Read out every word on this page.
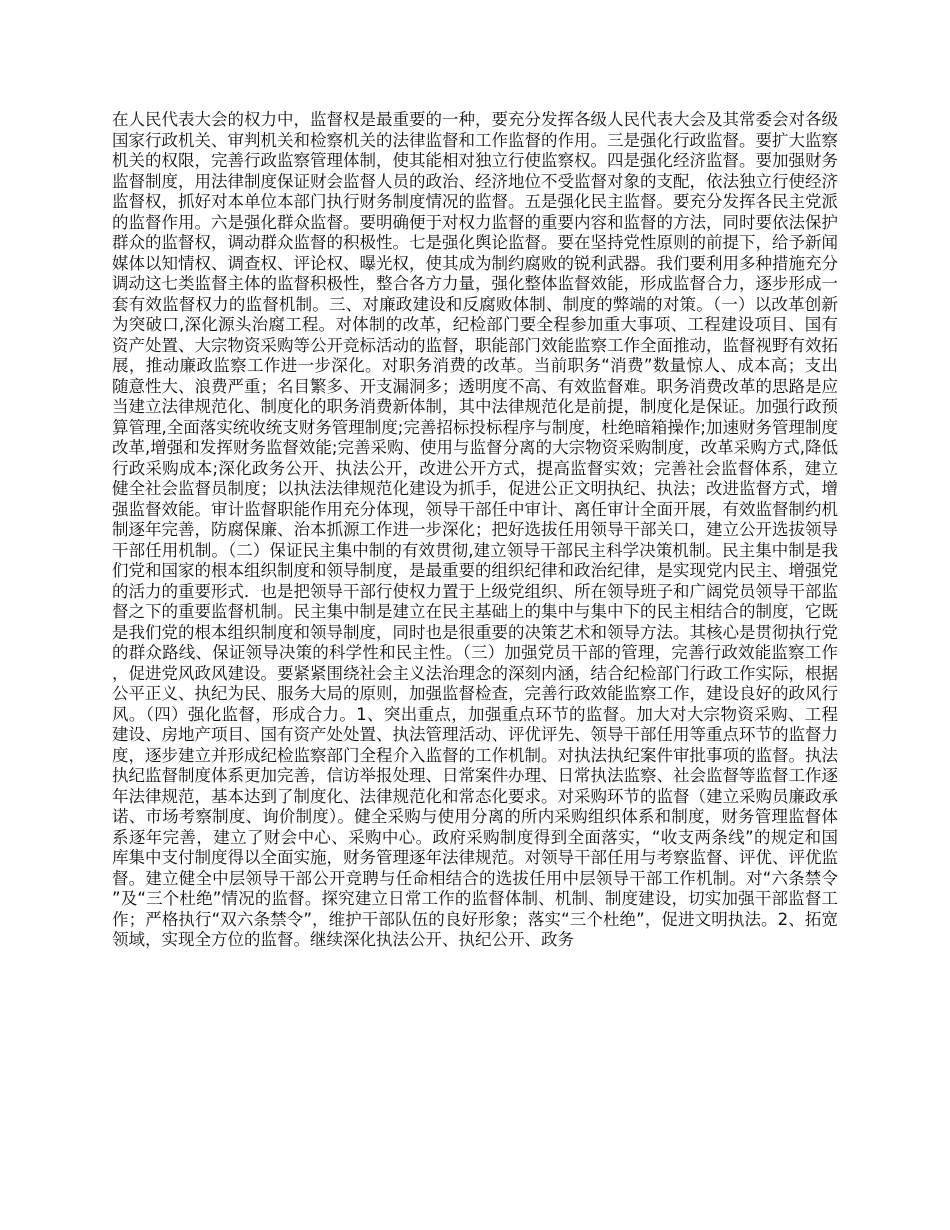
在人民代表大会的权力中，监督权是最重要的一种，要充分发挥各级人民代表大会及其常委会对各级国家行政机关、审判机关和检察机关的法律监督和工作监督的作用。三是强化行政监督。要扩大监察机关的权限，完善行政监察管理体制，使其能相对独立行使监察权。四是强化经济监督。要加强财务监督制度，用法律制度保证财会监督人员的政治、经济地位不受监督对象的支配，依法独立行使经济监督权，抓好对本单位本部门执行财务制度情况的监督。五是强化民主监督。要充分发挥各民主党派的监督作用。六是强化群众监督。要明确便于对权力监督的重要内容和监督的方法，同时要依法保护群众的监督权，调动群众监督的积极性。七是强化舆论监督。要在坚持党性原则的前提下，给予新闻媒体以知情权、调查权、评论权、曝光权，使其成为制约腐败的锐利武器。我们要利用多种措施充分调动这七类监督主体的监督积极性，整合各方力量，强化整体监督效能，形成监督合力，逐步形成一套有效监督权力的监督机制。三、对廉政建设和反腐败体制、制度的弊端的对策。（一）以改革创新为突破口,深化源头治腐工程。对体制的改革，纪检部门要全程参加重大事项、工程建设项目、国有资产处置、大宗物资采购等公开竞标活动的监督，职能部门效能监察工作全面推动，监督视野有效拓展，推动廉政监察工作进一步深化。对职务消费的改革。当前职务“消费”数量惊人、成本高；支出随意性大、浪费严重；名目繁多、开支漏洞多；透明度不高、有效监督难。职务消费改革的思路是应当建立法律规范化、制度化的职务消费新体制，其中法律规范化是前提，制度化是保证。加强行政预算管理,全面落实统收统支财务管理制度;完善招标投标程序与制度，杜绝暗箱操作;加速财务管理制度改革,增强和发挥财务监督效能;完善采购、使用与监督分离的大宗物资采购制度，改革采购方式,降低行政采购成本;深化政务公开、执法公开，改进公开方式，提高监督实效；完善社会监督体系，建立健全社会监督员制度；以执法法律规范化建设为抓手，促进公正文明执纪、执法；改进监督方式，增强监督效能。审计监督职能作用充分体现，领导干部任中审计、离任审计全面开展，有效监督制约机制逐年完善，防腐保廉、治本抓源工作进一步深化；把好选拔任用领导干部关口，建立公开选拔领导干部任用机制。（二）保证民主集中制的有效贯彻,建立领导干部民主科学决策机制。民主集中制是我们党和国家的根本组织制度和领导制度，是最重要的组织纪律和政治纪律，是实现党内民主、增强党的活力的重要形式．也是把领导干部行使权力置于上级党组织、所在领导班子和广阔党员领导干部监督之下的重要监督机制。民主集中制是建立在民主基础上的集中与集中下的民主相结合的制度，它既是我们党的根本组织制度和领导制度，同时也是很重要的决策艺术和领导方法。其核心是贯彻执行党的群众路线、保证领导决策的科学性和民主性。（三）加强党员干部的管理，完善行政效能监察工作，促进党风政风建设。要紧紧围绕社会主义法治理念的深刻内涵，结合纪检部门行政工作实际，根据公平正义、执纪为民、服务大局的原则，加强监督检查，完善行政效能监察工作，建设良好的政风行风。（四）强化监督，形成合力。1、突出重点，加强重点环节的监督。加大对大宗物资采购、工程建设、房地产项目、国有资产处处置、执法管理活动、评优评先、领导干部任用等重点环节的监督力度，逐步建立并形成纪检监察部门全程介入监督的工作机制。对执法执纪案件审批事项的监督。执法执纪监督制度体系更加完善，信访举报处理、日常案件办理、日常执法监察、社会监督等监督工作逐年法律规范，基本达到了制度化、法律规范化和常态化要求。对采购环节的监督（建立采购员廉政承诺、市场考察制度、询价制度）。健全采购与使用分离的所内采购组织体系和制度，财务管理监督体系逐年完善，建立了财会中心、采购中心。政府采购制度得到全面落实，“收支两条线”的规定和国库集中支付制度得以全面实施，财务管理逐年法律规范。对领导干部任用与考察监督、评优、评优监督。建立健全中层领导干部公开竞聘与任命相结合的选拔任用中层领导干部工作机制。对“六条禁令”及“三个杜绝”情况的监督。探究建立日常工作的监督体制、机制、制度建设，切实加强干部监督工作；严格执行“双六条禁令”，维护干部队伍的良好形象；落实“三个杜绝”，促进文明执法。2、拓宽领域，实现全方位的监督。继续深化执法公开、执纪公开、政务
